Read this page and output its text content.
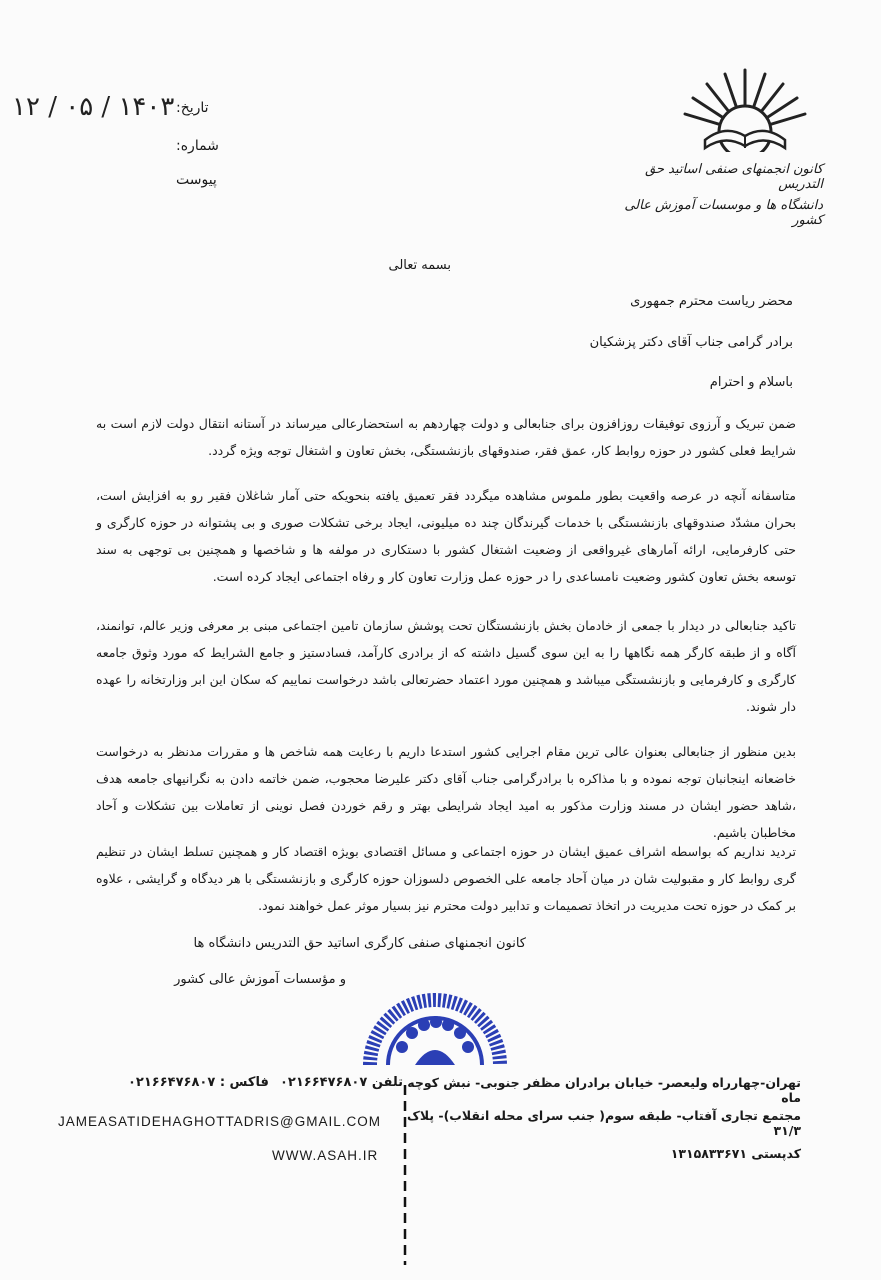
کانون انجمنهای صنفی اساتید حق التدریس
دانشگاه ها و موسسات آموزش عالی کشور
تاریخ:
۱۴۰۳ / ۰۵ / ۱۲
شماره:
پیوست
بسمه تعالی
محضر ریاست محترم جمهوری
برادر گرامی جناب آقای دکتر پزشکیان
باسلام و احترام
ضمن تبریک و آرزوی توفیقات روزافزون برای جنابعالی و دولت چهاردهم به استحضارعالی میرساند در آستانه انتقال دولت لازم است به شرایط فعلی کشور در حوزه روابط کار، عمق فقر، صندوقهای بازنشستگی، بخش تعاون و اشتغال توجه ویژه گردد.
متاسفانه آنچه در عرصه واقعیت بطور ملموس مشاهده میگردد فقر تعمیق یافته بنحویکه حتی آمار شاغلان فقیر رو به افزایش است، بحران مشدّد صندوقهای بازنشستگی با خدمات گیرندگان چند ده میلیونی، ایجاد برخی تشکلات صوری و بی پشتوانه در حوزه کارگری و حتی کارفرمایی، ارائه آمارهای غیرواقعی از وضعیت اشتغال کشور با دستکاری در مولفه ها و شاخصها و همچنین بی توجهی به سند توسعه بخش تعاون کشور وضعیت نامساعدی را در حوزه عمل وزارت تعاون کار و رفاه اجتماعی ایجاد کرده است.
تاکید جنابعالی در دیدار با جمعی از خادمان بخش بازنشستگان تحت پوشش سازمان تامین اجتماعی مبنی بر معرفی وزیر عالم، توانمند، آگاه و از طبقه کارگر همه نگاهها را به این سوی گسیل داشته که از برادری کارآمد، فسادستیز و جامع الشرایط که مورد وثوق جامعه کارگری و کارفرمایی و بازنشستگی میباشد و همچنین مورد اعتماد حضرتعالی باشد درخواست نماییم که سکان این ابر وزارتخانه را عهده دار شوند.
بدین منظور از جنابعالی بعنوان عالی ترین مقام اجرایی کشور استدعا داریم با رعایت همه شاخص ها و مقررات مدنظر به درخواست خاضعانه اینجانبان توجه نموده و با مذاکره با برادرگرامی جناب آقای دکتر علیرضا محجوب، ضمن خاتمه دادن به نگرانیهای جامعه هدف ،شاهد حضور ایشان در مسند وزارت مذکور به امید ایجاد شرایطی بهتر و رقم خوردن فصل نوینی از تعاملات بین تشکلات و آحاد مخاطبان باشیم.
تردید نداریم که بواسطه اشراف عمیق ایشان در حوزه اجتماعی و مسائل اقتصادی بویژه اقتصاد کار و همچنین تسلط ایشان در تنظیم گری روابط کار و مقبولیت شان در میان آحاد جامعه علی الخصوص دلسوزان حوزه کارگری و بازنشستگی با هر دیدگاه و گرایشی ، علاوه بر کمک در حوزه تحت مدیریت در اتخاذ تصمیمات و تدابیر دولت محترم نیز بسیار موثر عمل خواهند نمود.
کانون انجمنهای صنفی کارگری اساتید حق التدریس دانشگاه ها
و مؤسسات آموزش عالی کشور
فاکس : ۰۲۱۶۶۴۷۶۸۰۷	تلفن ۰۲۱۶۶۴۷۶۸۰۷
JAMEASATIDEHAGHOTTADRIS@GMAIL.COM
WWW.ASAH.IR
تهران-چهارراه ولیعصر- خیابان برادران مظفر جنوبی- نبش کوچه ماه
مجتمع تجاری آفتاب- طبقه سوم( جنب سرای محله انقلاب)- پلاک ۳۱/۳
کدپستی ۱۳۱۵۸۳۳۶۷۱
